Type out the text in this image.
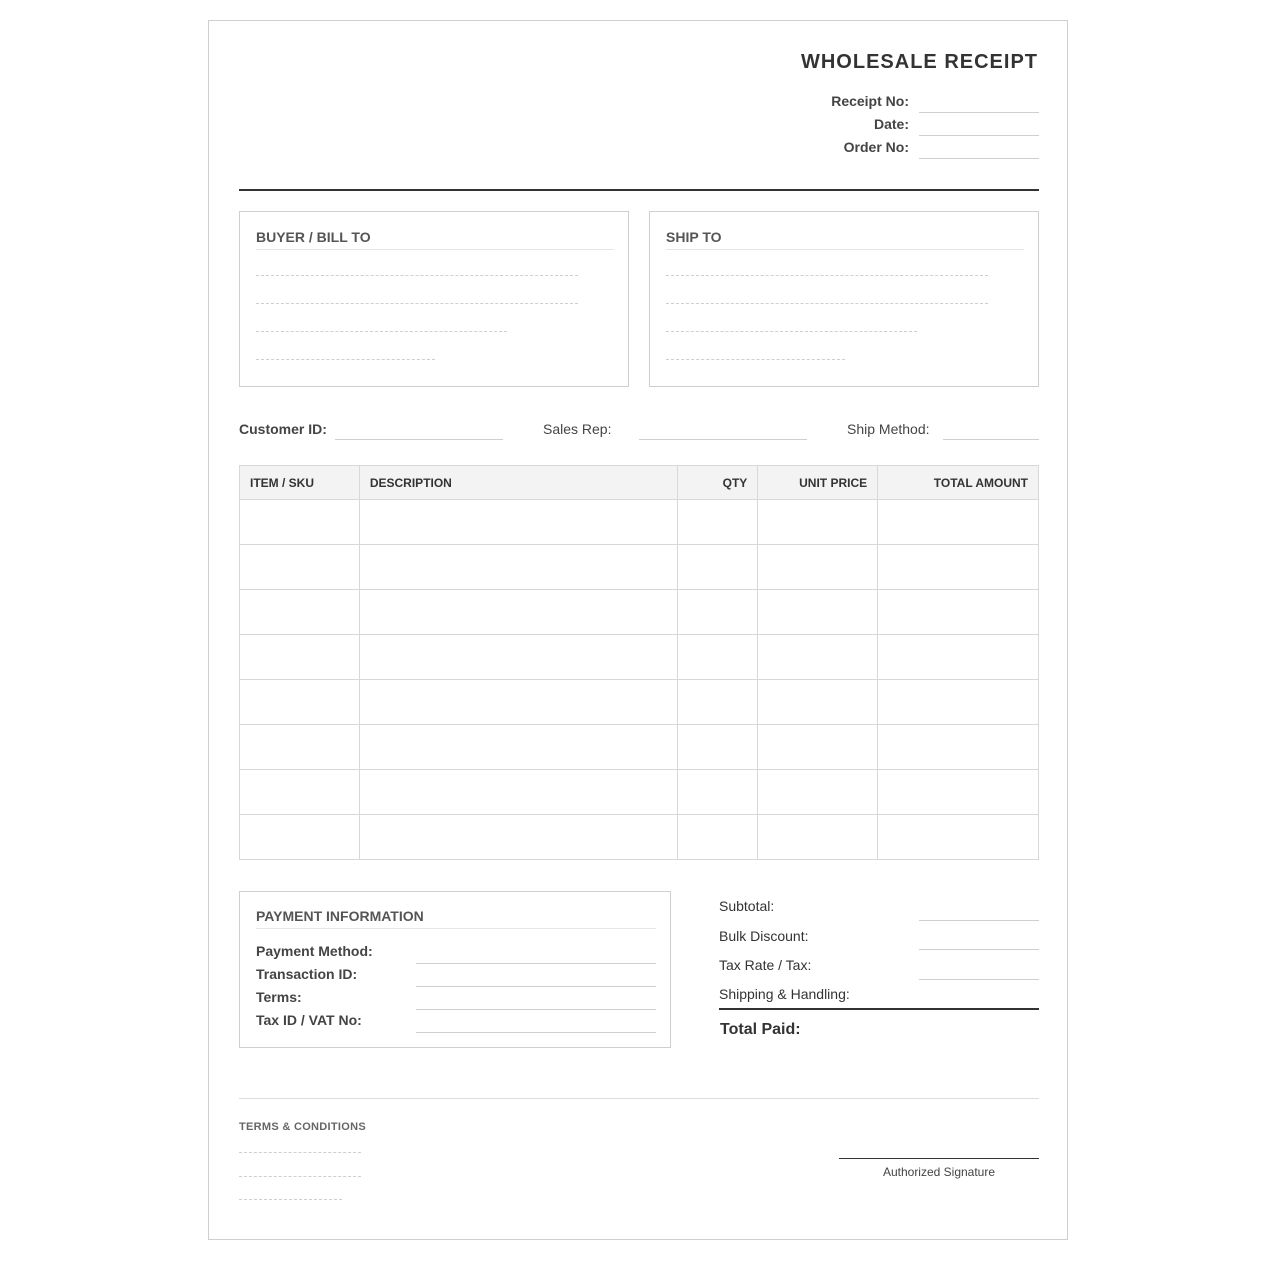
WHOLESALE RECEIPT
Receipt No:
Date:
Order No:
BUYER / BILL TO	SHIP TO
Customer ID:	Sales Rep:	Ship Method:
ITEM / SKU	DESCRIPTION	QTY	UNIT PRICE	TOTAL AMOUNT

PAYMENT INFORMATION
Payment Method:
Transaction ID:
Terms:
Tax ID / VAT No:
Subtotal:
Bulk Discount:
Tax Rate / Tax:
Shipping & Handling:
Total Paid:
TERMS & CONDITIONS
Authorized Signature
